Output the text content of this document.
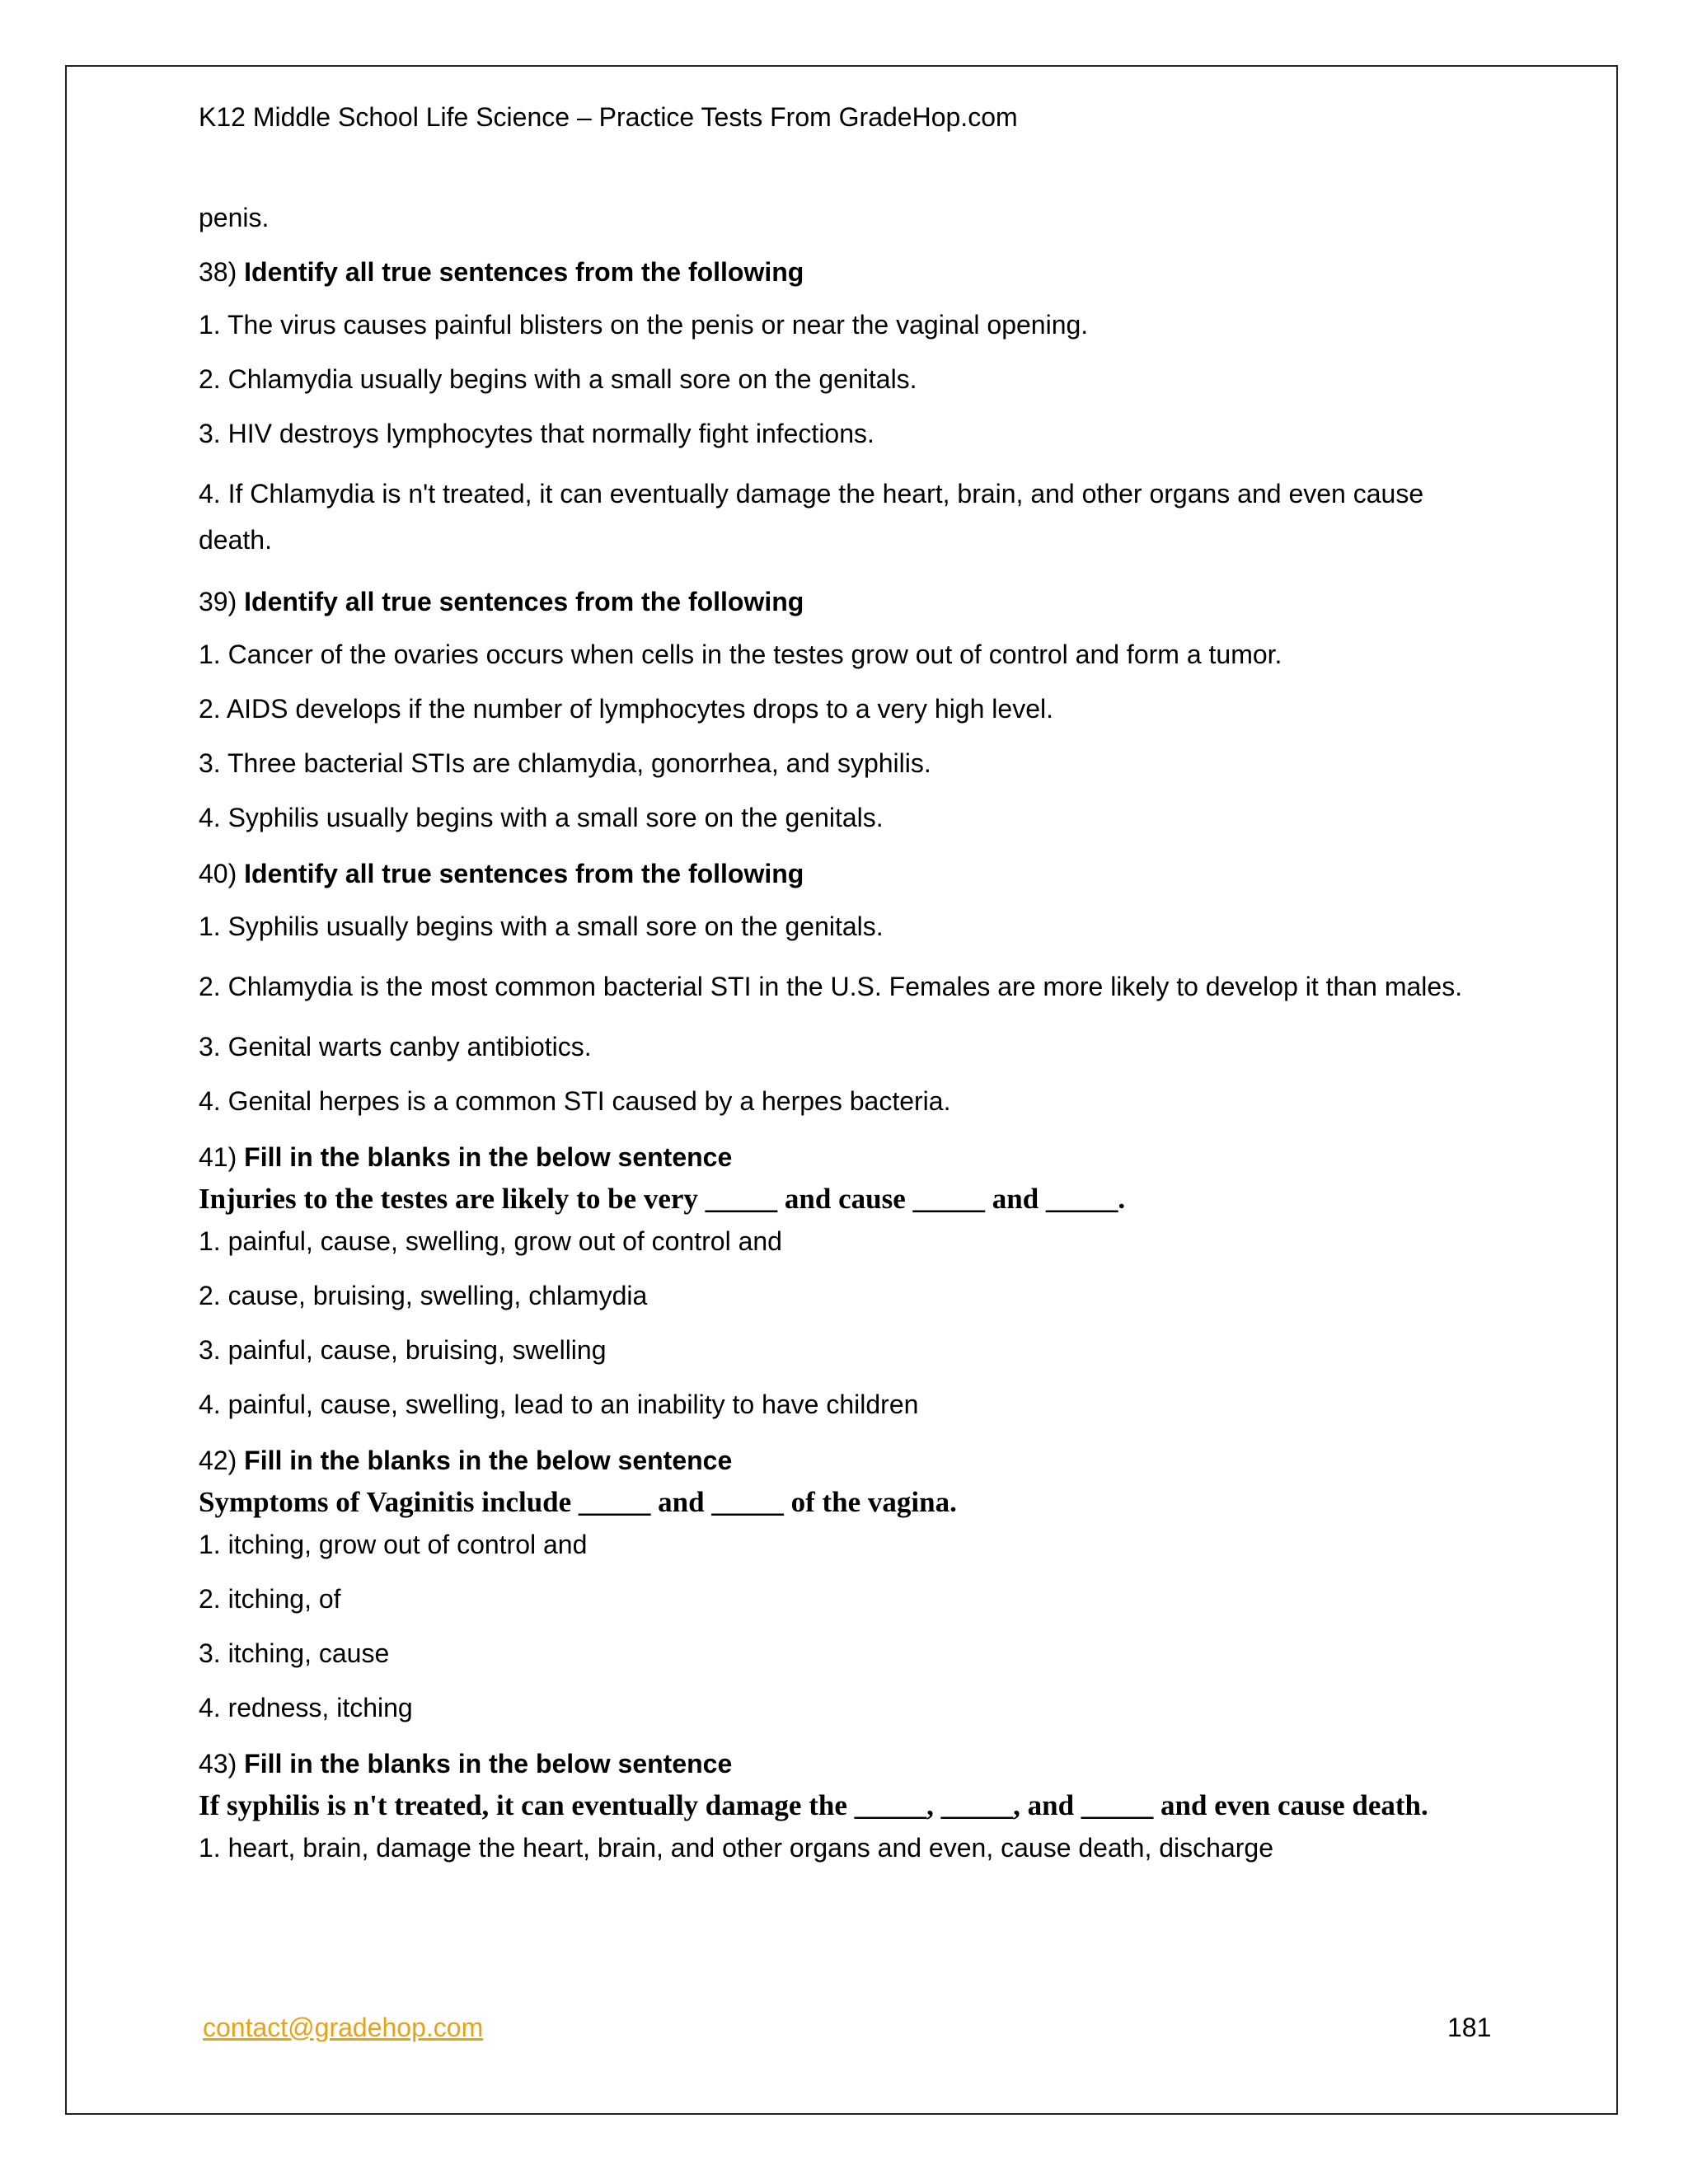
K12 Middle School Life Science – Practice Tests From GradeHop.com

penis.

38) Identify all true sentences from the following

1. The virus causes painful blisters on the penis or near the vaginal opening.

2. Chlamydia usually begins with a small sore on the genitals.

3. HIV destroys lymphocytes that normally fight infections.

4. If Chlamydia is n't treated, it can eventually damage the heart, brain, and other organs and even cause death.

39) Identify all true sentences from the following

1. Cancer of the ovaries occurs when cells in the testes grow out of control and form a tumor.

2. AIDS develops if the number of lymphocytes drops to a very high level.

3. Three bacterial STIs are chlamydia, gonorrhea, and syphilis.

4. Syphilis usually begins with a small sore on the genitals.

40) Identify all true sentences from the following

1. Syphilis usually begins with a small sore on the genitals.

2. Chlamydia is the most common bacterial STI in the U.S. Females are more likely to develop it than males.

3. Genital warts canby antibiotics.

4. Genital herpes is a common STI caused by a herpes bacteria.

41) Fill in the blanks in the below sentence

Injuries to the testes are likely to be very _____ and cause _____ and _____.

1. painful, cause, swelling, grow out of control and

2. cause, bruising, swelling, chlamydia

3. painful, cause, bruising, swelling

4. painful, cause, swelling, lead to an inability to have children

42) Fill in the blanks in the below sentence

Symptoms of Vaginitis include _____ and _____ of the vagina.

1. itching, grow out of control and

2. itching, of

3. itching, cause

4. redness, itching

43) Fill in the blanks in the below sentence

If syphilis is n't treated, it can eventually damage the _____, _____, and _____ and even cause death.

1. heart, brain, damage the heart, brain, and other organs and even, cause death, discharge

contact@gradehop.com	181
